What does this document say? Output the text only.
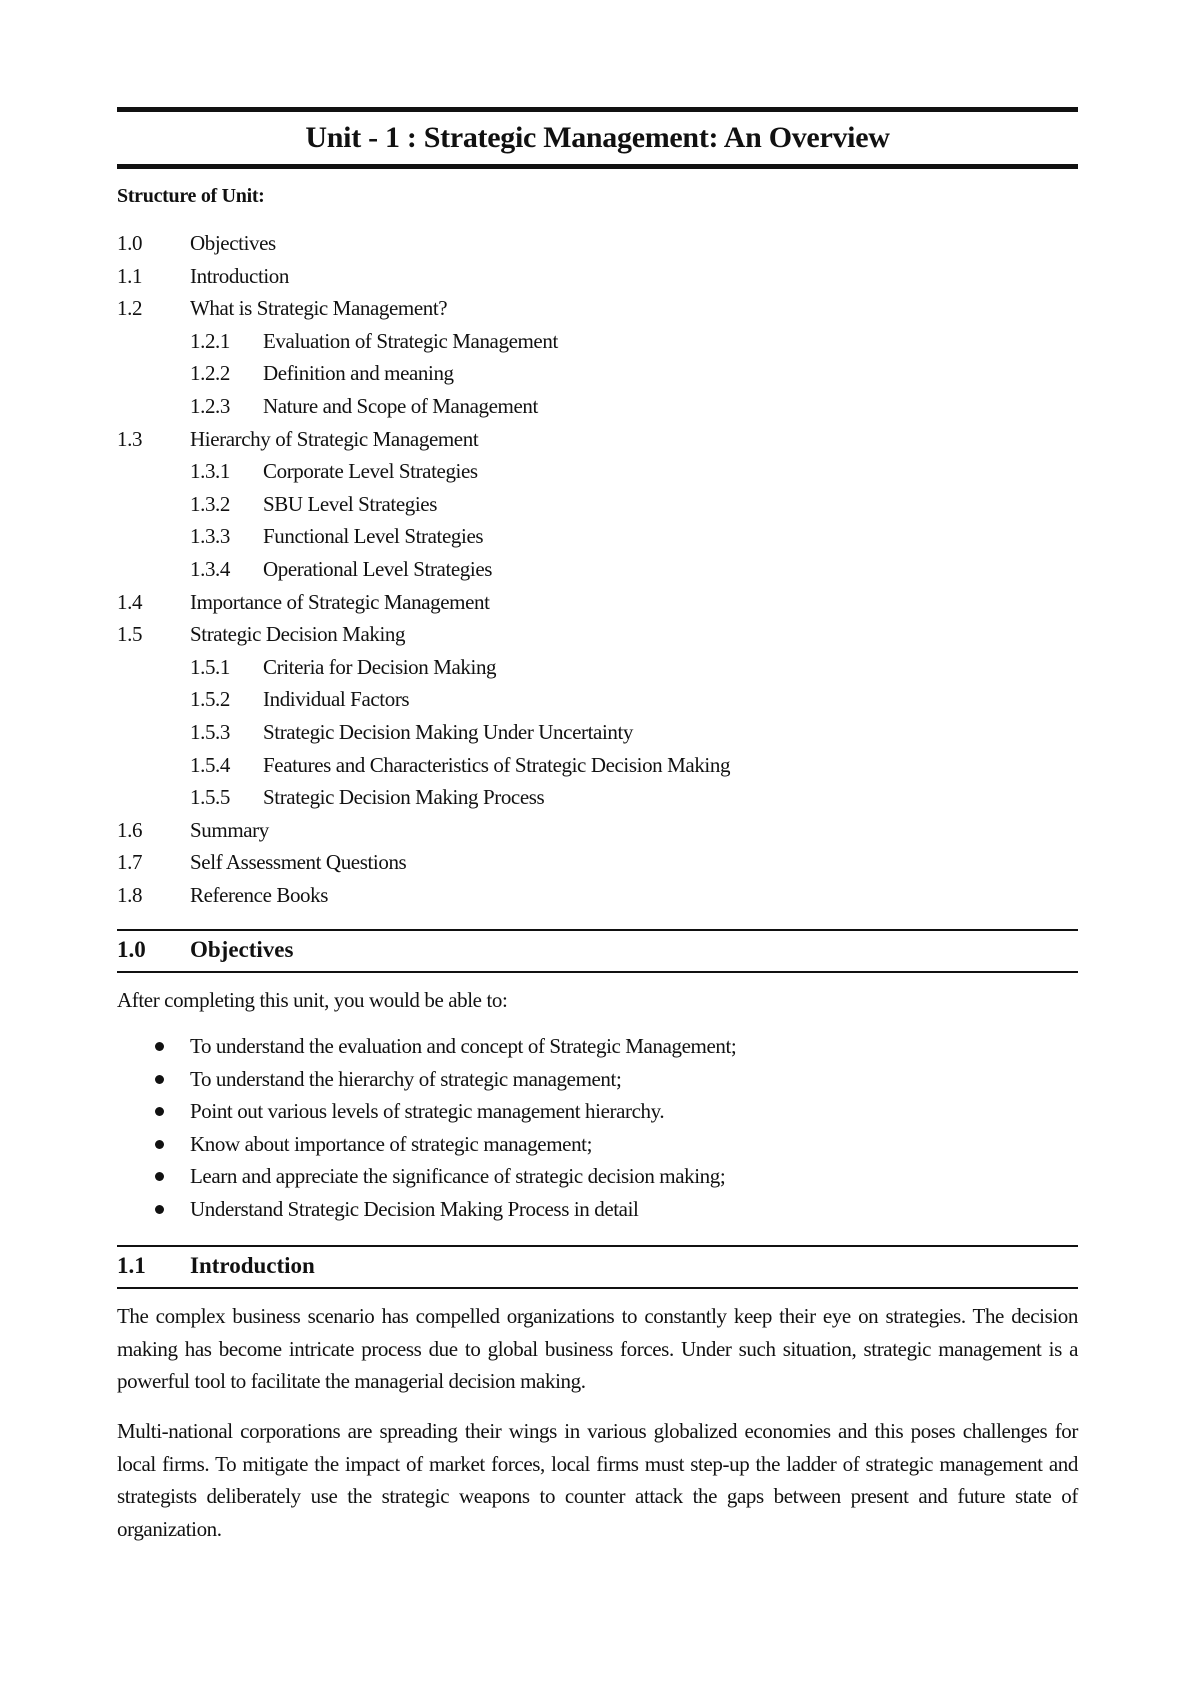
Unit - 1 : Strategic Management: An Overview
Structure of Unit:
1.0 Objectives
1.1 Introduction
1.2 What is Strategic Management?
1.2.1 Evaluation of Strategic Management
1.2.2 Definition and meaning
1.2.3 Nature and Scope of Management
1.3 Hierarchy of Strategic Management
1.3.1 Corporate Level Strategies
1.3.2 SBU Level Strategies
1.3.3 Functional Level Strategies
1.3.4 Operational Level Strategies
1.4 Importance of Strategic Management
1.5 Strategic Decision Making
1.5.1 Criteria for Decision Making
1.5.2 Individual Factors
1.5.3 Strategic Decision Making Under Uncertainty
1.5.4 Features and Characteristics of Strategic Decision Making
1.5.5 Strategic Decision Making Process
1.6 Summary
1.7 Self Assessment Questions
1.8 Reference Books
1.0 Objectives

After completing this unit, you would be able to:

To understand the evaluation and concept of Strategic Management;
To understand the hierarchy of strategic management;
Point out various levels of strategic management hierarchy.
Know about importance of strategic management;
Learn and appreciate the significance of strategic decision making;
Understand Strategic Decision Making Process in detail
1.1 Introduction

The complex business scenario has compelled organizations to constantly keep their eye on strategies. The decision making has become intricate process due to global business forces. Under such situation, strategic management is a powerful tool to facilitate the managerial decision making.

Multi-national corporations are spreading their wings in various globalized economies and this poses challenges for local firms. To mitigate the impact of market forces, local firms must step-up the ladder of strategic management and strategists deliberately use the strategic weapons to counter attack the gaps between present and future state of organization.
